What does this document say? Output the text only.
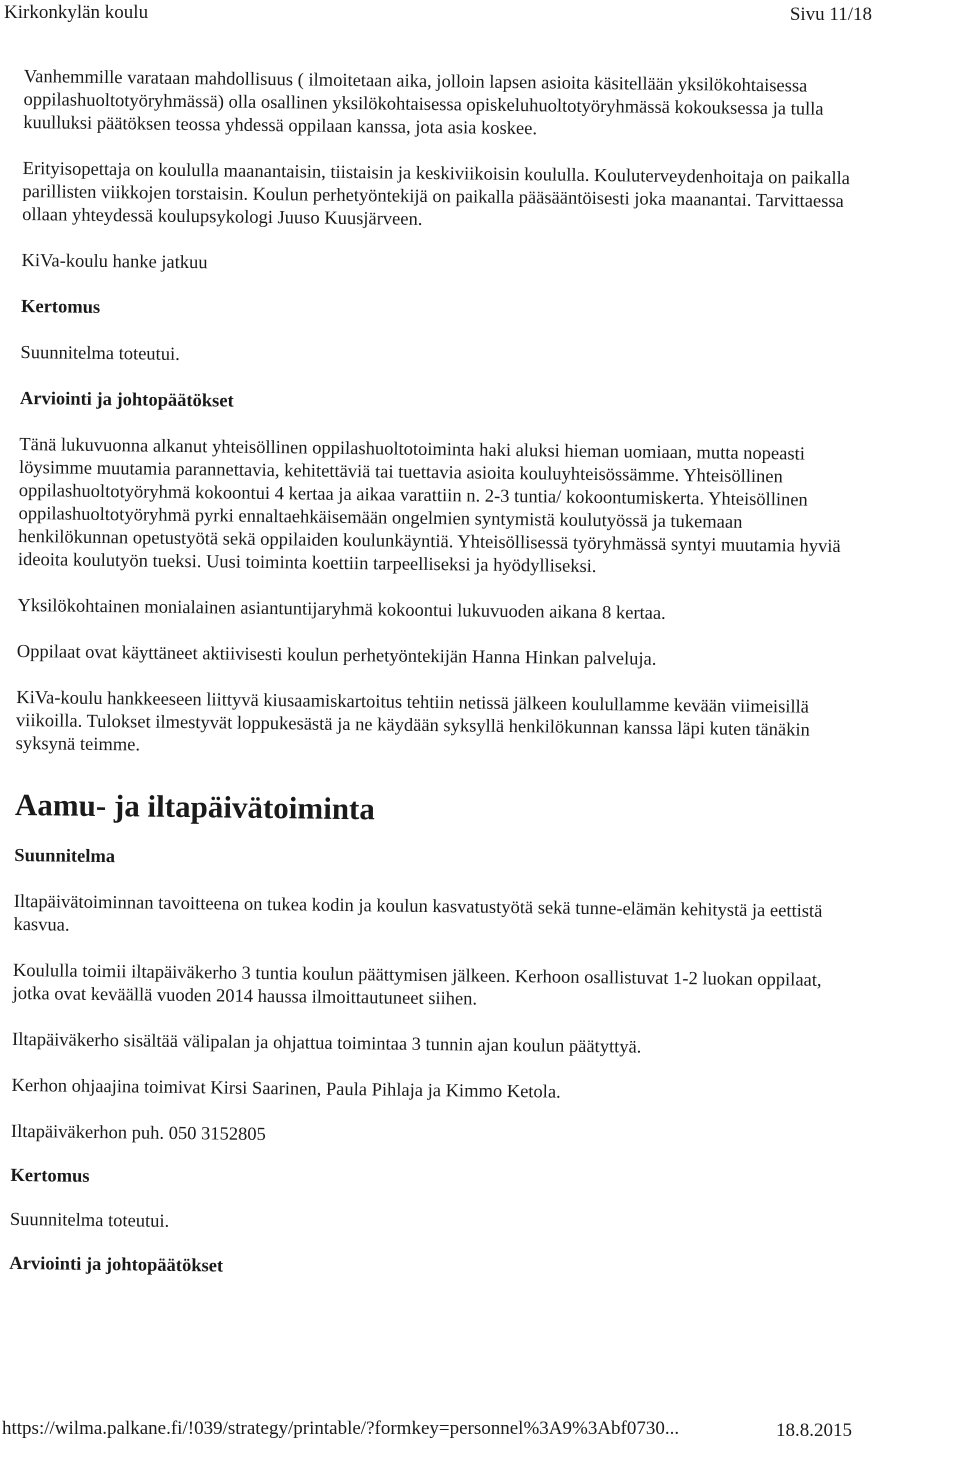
Kirkonkylän koulu	Sivu 11/18

Vanhemmille varataan mahdollisuus ( ilmoitetaan aika, jolloin lapsen asioita käsitellään yksilökohtaisessa oppilashuoltotyöryhmässä) olla osallinen yksilökohtaisessa opiskeluhuoltotyöryhmässä kokouksessa ja tulla kuulluksi päätöksen teossa yhdessä oppilaan kanssa, jota asia koskee.

Erityisopettaja on koululla maanantaisin, tiistaisin ja keskiviikoisin koululla. Kouluterveydenhoitaja on paikalla parillisten viikkojen torstaisin. Koulun perhetyöntekijä on paikalla pääsääntöisesti joka maanantai. Tarvittaessa ollaan yhteydessä koulupsykologi Juuso Kuusjärveen.

KiVa-koulu hanke jatkuu

Kertomus

Suunnitelma toteutui.

Arviointi ja johtopäätökset

Tänä lukuvuonna alkanut yhteisöllinen oppilashuoltotoiminta haki aluksi hieman uomiaan, mutta nopeasti löysimme muutamia parannettavia, kehitettäviä tai tuettavia asioita kouluyhteisössämme. Yhteisöllinen oppilashuoltotyöryhmä kokoontui 4 kertaa ja aikaa varattiin n. 2-3 tuntia/ kokoontumiskerta. Yhteisöllinen oppilashuoltotyöryhmä pyrki ennaltaehkäisemään ongelmien syntymistä koulutyössä ja tukemaan henkilökunnan opetustyötä sekä oppilaiden koulunkäyntiä. Yhteisöllisessä työryhmässä syntyi muutamia hyviä ideoita koulutyön tueksi. Uusi toiminta koettiin tarpeelliseksi ja hyödylliseksi.

Yksilökohtainen monialainen asiantuntijaryhmä kokoontui lukuvuoden aikana 8 kertaa.

Oppilaat ovat käyttäneet aktiivisesti koulun perhetyöntekijän Hanna Hinkan palveluja.

KiVa-koulu hankkeeseen liittyvä kiusaamiskartoitus tehtiin netissä jälkeen koulullamme kevään viimeisillä viikoilla. Tulokset ilmestyvät loppukesästä ja ne käydään syksyllä henkilökunnan kanssa läpi kuten tänäkin syksynä teimme.

Aamu- ja iltapäivätoiminta

Suunnitelma

Iltapäivätoiminnan tavoitteena on tukea kodin ja koulun kasvatustyötä sekä tunne-elämän kehitystä ja eettistä kasvua.

Koululla toimii iltapäiväkerho 3 tuntia koulun päättymisen jälkeen. Kerhoon osallistuvat 1-2 luokan oppilaat, jotka ovat keväällä vuoden 2014 haussa ilmoittautuneet siihen.

Iltapäiväkerho sisältää välipalan ja ohjattua toimintaa 3 tunnin ajan koulun päätyttyä.

Kerhon ohjaajina toimivat Kirsi Saarinen, Paula Pihlaja ja Kimmo Ketola.

Iltapäiväkerhon puh. 050 3152805

Kertomus

Suunnitelma toteutui.

Arviointi ja johtopäätökset

https://wilma.palkane.fi/!039/strategy/printable/?formkey=personnel%3A9%3Abf0730...	18.8.2015
